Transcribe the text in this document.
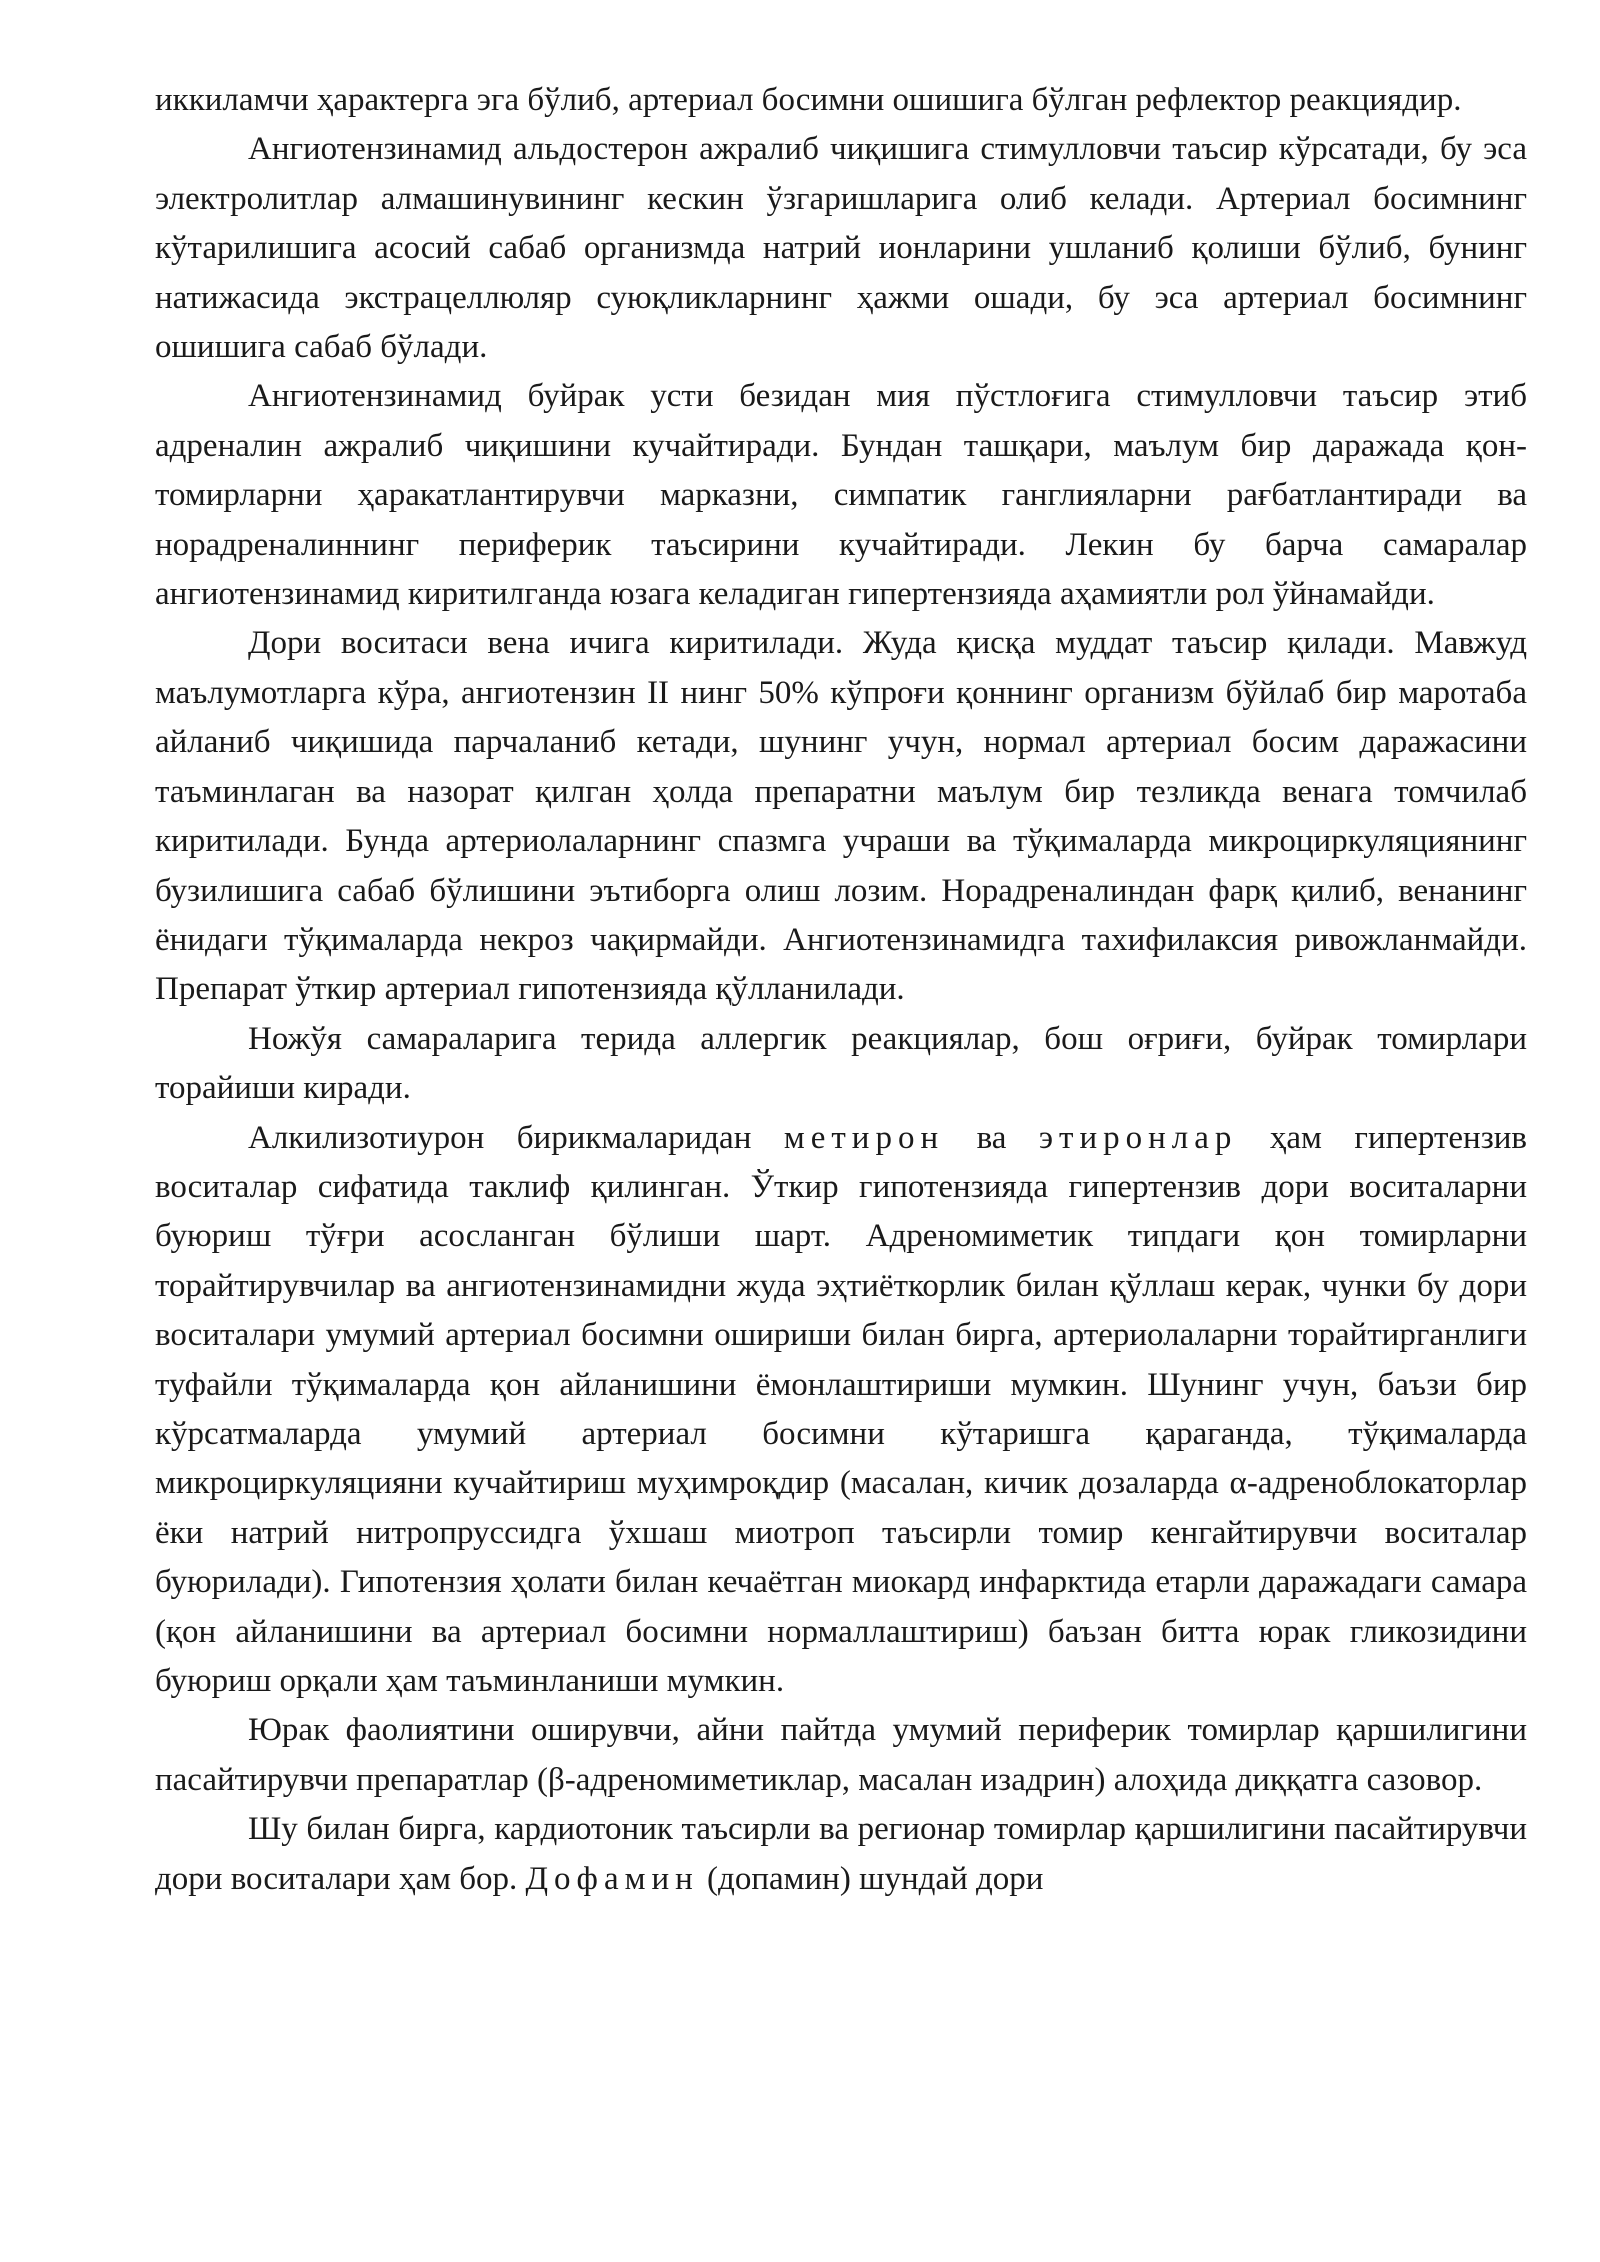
иккиламчи ҳарактерга эга бўлиб, артериал босимни ошишига бўлган рефлектор реакциядир.

Ангиотензинамид альдостерон ажралиб чиқишига стимулловчи таъсир кўрсатади, бу эса электролитлар алмашинувининг кескин ўзгаришларига олиб келади. Артериал босимнинг кўтарилишига асосий сабаб организмда натрий ионларини ушланиб қолиши бўлиб, бунинг натижасида экстрацеллюляр суюқликларнинг ҳажми ошади, бу эса артериал босимнинг ошишига сабаб бўлади.

Ангиотензинамид буйрак усти безидан мия пўстлоғига стимулловчи таъсир этиб адреналин ажралиб чиқишини кучайтиради. Бундан ташқари, маълум бир даражада қон-томирларни ҳаракатлантирувчи марказни, симпатик ганглияларни рағбатлантиради ва норадреналиннинг периферик таъсирини кучайтиради. Лекин бу барча самаралар ангиотензинамид киритилганда юзага келадиган гипертензияда аҳамиятли рол ўйнамайди.

Дори воситаси вена ичига киритилади. Жуда қисқа муддат таъсир қилади. Мавжуд маълумотларга кўра, ангиотензин II нинг 50% кўпроғи қоннинг организм бўйлаб бир маротаба айланиб чиқишида парчаланиб кетади, шунинг учун, нормал артериал босим даражасини таъминлаган ва назорат қилган ҳолда препаратни маълум бир тезликда венага томчилаб киритилади. Бунда артериолаларнинг спазмга учраши ва тўқималарда микроциркуляциянинг бузилишига сабаб бўлишини эътиборга олиш лозим. Норадреналиндан фарқ қилиб, венанинг ёнидаги тўқималарда некроз чақирмайди. Ангиотензинамидга тахифилаксия ривожланмайди. Препарат ўткир артериал гипотензияда қўлланилади.

Ножўя самараларига терида аллергик реакциялар, бош оғриғи, буйрак томирлари торайиши киради.

Алкилизотиурон бирикмаларидан метирон ва этиронлар ҳам гипертензив воситалар сифатида таклиф қилинган. Ўткир гипотензияда гипертензив дори воситаларни буюриш тўғри асосланган бўлиши шарт. Адреномиметик типдаги қон томирларни торайтирувчилар ва ангиотензинамидни жуда эҳтиёткорлик билан қўллаш керак, чунки бу дори воситалари умумий артериал босимни ошириши билан бирга, артериолаларни торайтирганлиги туфайли тўқималарда қон айланишини ёмонлаштириши мумкин. Шунинг учун, баъзи бир кўрсатмаларда умумий артериал босимни кўтаришга қараганда, тўқималарда микроциркуляцияни кучайтириш муҳимроқдир (масалан, кичик дозаларда α-адреноблокаторлар ёки натрий нитропруссидга ўхшаш миотроп таъсирли томир кенгайтирувчи воситалар буюрилади). Гипотензия ҳолати билан кечаётган миокард инфарктида етарли даражадаги самара (қон айланишини ва артериал босимни нормаллаштириш) баъзан битта юрак гликозидини буюриш орқали ҳам таъминланиши мумкин.

Юрак фаолиятини оширувчи, айни пайтда умумий периферик томирлар қаршилигини пасайтирувчи препаратлар (β-адреномиметиклар, масалан изадрин) алоҳида диққатга сазовор.

Шу билан бирга, кардиотоник таъсирли ва регионар томирлар қаршилигини пасайтирувчи дори воситалари ҳам бор. Дофамин (допамин) шундай дори
